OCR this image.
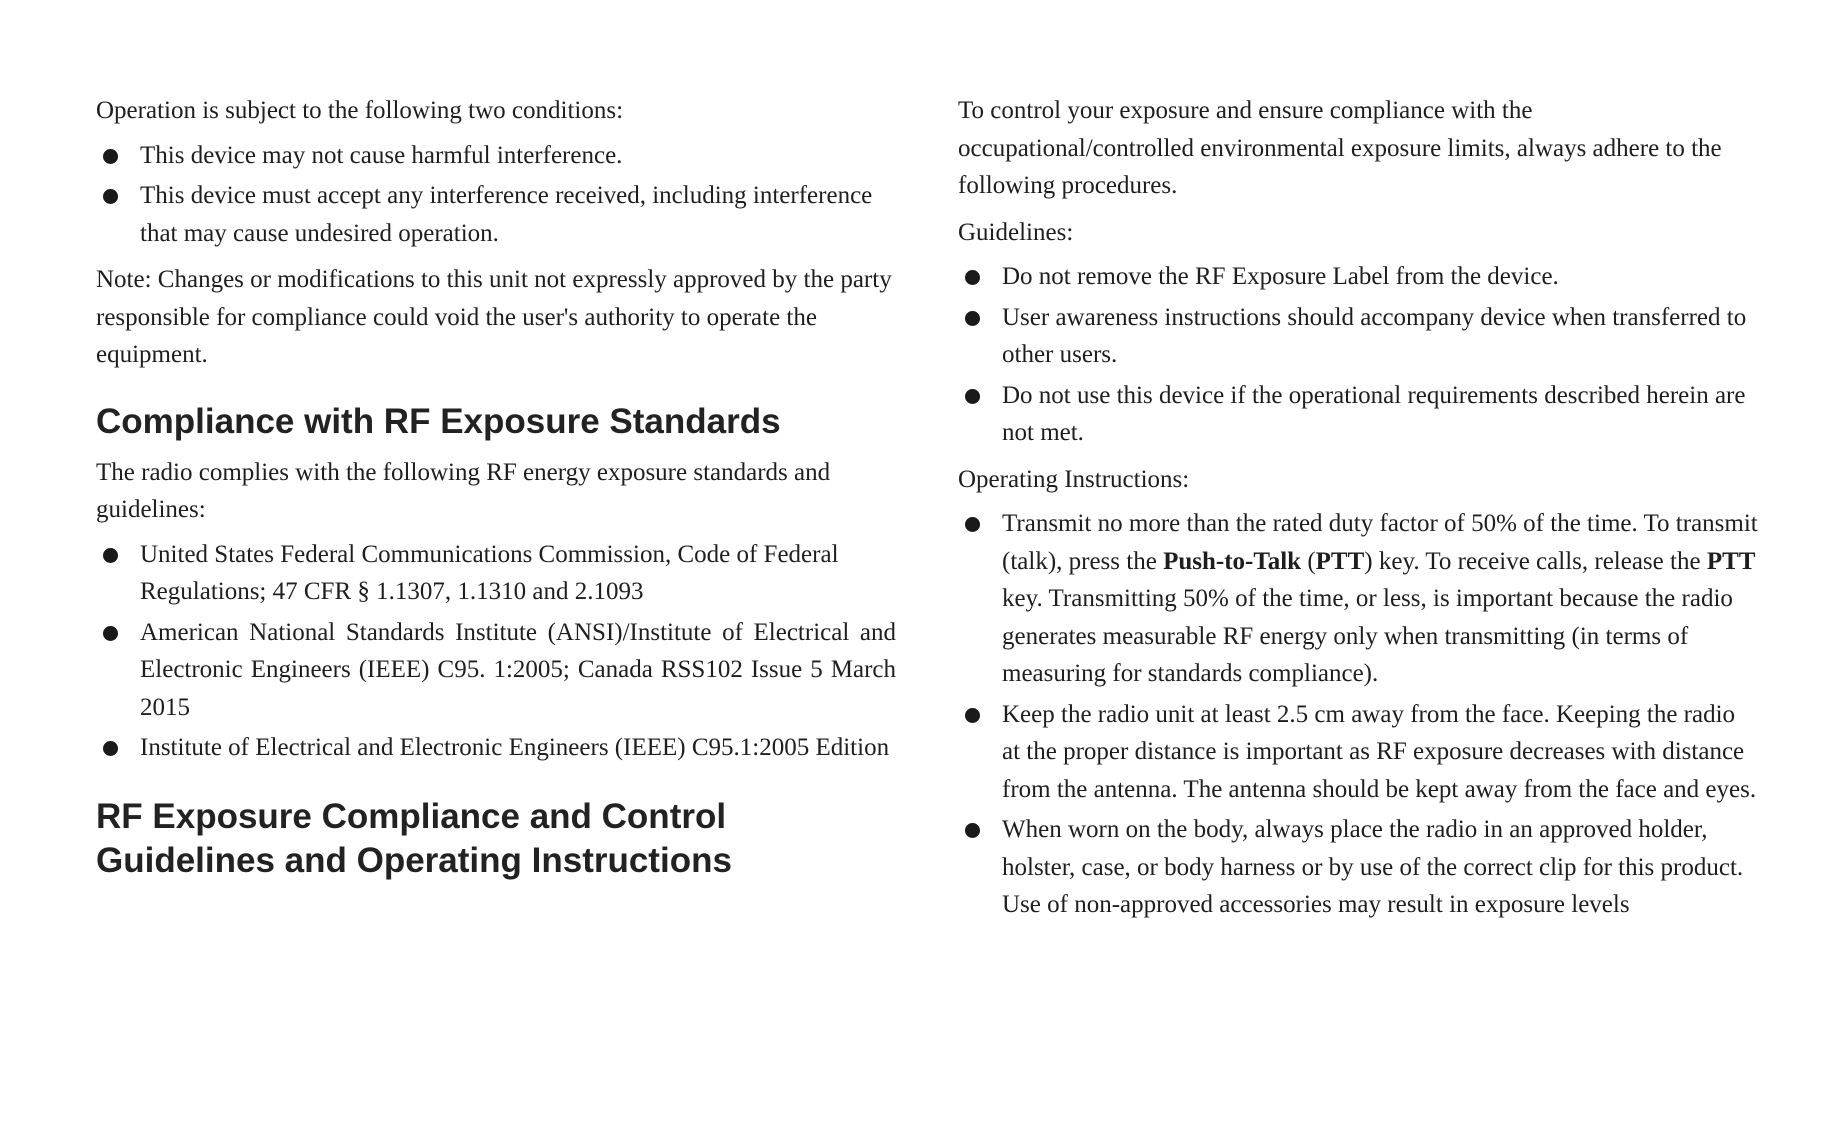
Operation is subject to the following two conditions:

This device may not cause harmful interference.
This device must accept any interference received, including interference that may cause undesired operation.

Note: Changes or modifications to this unit not expressly approved by the party responsible for compliance could void the user's authority to operate the equipment.

Compliance with RF Exposure Standards

The radio complies with the following RF energy exposure standards and guidelines:

United States Federal Communications Commission, Code of Federal Regulations; 47 CFR § 1.1307, 1.1310 and 2.1093
American National Standards Institute (ANSI)/Institute of Electrical and Electronic Engineers (IEEE) C95. 1:2005; Canada RSS102 Issue 5 March 2015
Institute of Electrical and Electronic Engineers (IEEE) C95.1:2005 Edition
RF Exposure Compliance and Control Guidelines and Operating Instructions

To control your exposure and ensure compliance with the occupational/controlled environmental exposure limits, always adhere to the following procedures.

Guidelines:

Do not remove the RF Exposure Label from the device.
User awareness instructions should accompany device when transferred to other users.
Do not use this device if the operational requirements described herein are not met.

Operating Instructions:

Transmit no more than the rated duty factor of 50% of the time. To transmit (talk), press the Push-to-Talk (PTT) key. To receive calls, release the PTT key. Transmitting 50% of the time, or less, is important because the radio generates measurable RF energy only when transmitting (in terms of measuring for standards compliance).
Keep the radio unit at least 2.5 cm away from the face. Keeping the radio at the proper distance is important as RF exposure decreases with distance from the antenna. The antenna should be kept away from the face and eyes.
When worn on the body, always place the radio in an approved holder, holster, case, or body harness or by use of the correct clip for this product. Use of non-approved accessories may result in exposure levels
